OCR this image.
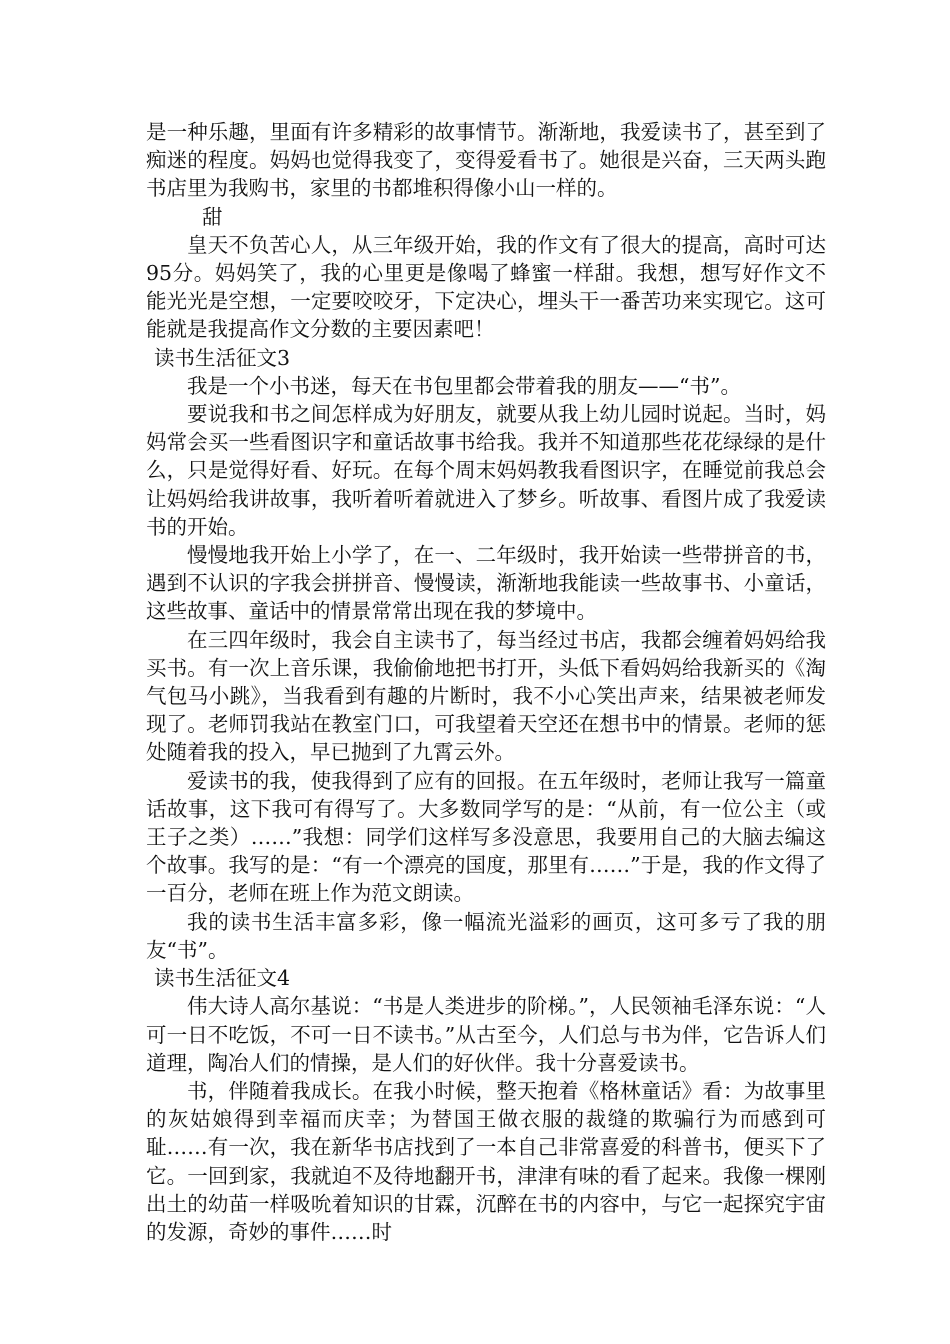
是一种乐趣，里面有许多精彩的故事情节。渐渐地，我爱读书了，甚至到了痴迷的程度。妈妈也觉得我变了，变得爱看书了。她很是兴奋，三天两头跑书店里为我购书，家里的书都堆积得像小山一样的。

甜

皇天不负苦心人，从三年级开始，我的作文有了很大的提高，高时可达95分。妈妈笑了，我的心里更是像喝了蜂蜜一样甜。我想，想写好作文不能光光是空想，一定要咬咬牙，下定决心，埋头干一番苦功来实现它。这可能就是我提高作文分数的主要因素吧！

读书生活征文3

我是一个小书迷，每天在书包里都会带着我的朋友——“书”。

要说我和书之间怎样成为好朋友，就要从我上幼儿园时说起。当时，妈妈常会买一些看图识字和童话故事书给我。我并不知道那些花花绿绿的是什么，只是觉得好看、好玩。在每个周末妈妈教我看图识字，在睡觉前我总会让妈妈给我讲故事，我听着听着就进入了梦乡。听故事、看图片成了我爱读书的开始。

慢慢地我开始上小学了，在一、二年级时，我开始读一些带拼音的书，遇到不认识的字我会拼拼音、慢慢读，渐渐地我能读一些故事书、小童话，这些故事、童话中的情景常常出现在我的梦境中。

在三四年级时，我会自主读书了，每当经过书店，我都会缠着妈妈给我买书。有一次上音乐课，我偷偷地把书打开，头低下看妈妈给我新买的《淘气包马小跳》，当我看到有趣的片断时，我不小心笑出声来，结果被老师发现了。老师罚我站在教室门口，可我望着天空还在想书中的情景。老师的惩处随着我的投入，早已抛到了九霄云外。

爱读书的我，使我得到了应有的回报。在五年级时，老师让我写一篇童话故事，这下我可有得写了。大多数同学写的是：“从前，有一位公主（或王子之类）……”我想：同学们这样写多没意思，我要用自己的大脑去编这个故事。我写的是：“有一个漂亮的国度，那里有……”于是，我的作文得了一百分，老师在班上作为范文朗读。

我的读书生活丰富多彩，像一幅流光溢彩的画页，这可多亏了我的朋友“书”。

读书生活征文4

伟大诗人高尔基说：“书是人类进步的阶梯。”，人民领袖毛泽东说：“人可一日不吃饭，不可一日不读书。”从古至今，人们总与书为伴，它告诉人们道理，陶冶人们的情操，是人们的好伙伴。我十分喜爱读书。

书，伴随着我成长。在我小时候，整天抱着《格林童话》看：为故事里的灰姑娘得到幸福而庆幸；为替国王做衣服的裁缝的欺骗行为而感到可耻……有一次，我在新华书店找到了一本自己非常喜爱的科普书，便买下了它。一回到家，我就迫不及待地翻开书，津津有味的看了起来。我像一棵刚出土的幼苗一样吸吮着知识的甘霖，沉醉在书的内容中，与它一起探究宇宙的发源，奇妙的事件……时
